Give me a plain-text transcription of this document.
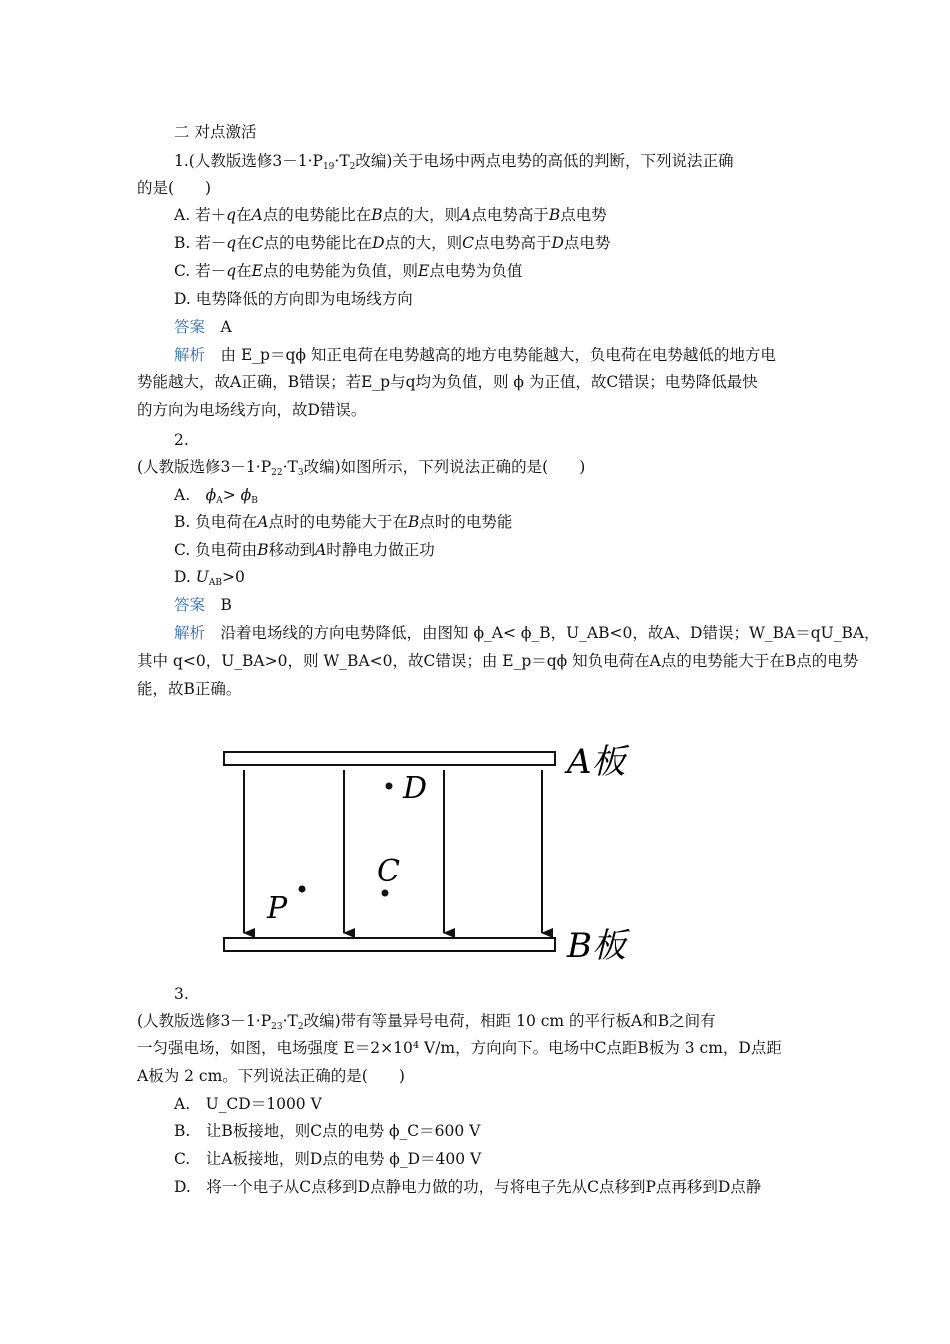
二 对点激活
1.(人教版选修$3-1\cdot P_{19}\cdot T_2$改编)关于电场中两点电势的高低的判断，下列说法正确
的是(　　)
A. 若＋q在A点的电势能比在B点的大，则A点电势高于B点电势
B. 若－q在C点的电势能比在D点的大，则C点电势高于D点电势
C. 若－q在E点的电势能为负值，则E点电势为负值
D. 电势降低的方向即为电场线方向
答案　 A
解析　 由 E_p＝qϕ 知正电荷在电势越高的地方电势能越大，负电荷在电势越低的地方电
势能越大，故A正确，B错误；若E_p与q均为负值，则 ϕ 为正值，故C错误；电势降低最快
的方向为电场线方向，故D错误。
2.
(人教版选修$3-1\cdot P_{22}\cdot T_3$改编)如图所示，下列说法正确的是(　　)
A.　 $\phi_A> \phi_B$
B. 负电荷在A点时的电势能大于在B点时的电势能
C. 负电荷由B移动到A时静电力做正功
D. $U_{AB}>0$
答案　 B
解析　 沿着电场线的方向电势降低，由图知 ϕ_A< ϕ_B，U_AB<0，故A、D错误；W_BA＝qU_BA，
其中 q<0，U_BA>0，则 W_BA<0，故C错误；由 E_p＝qϕ 知负电荷在A点的电势能大于在B点的电势
能，故B正确。
D
C
P
A板
B板
3.
(人教版选修$3-1\cdot P_{23}\cdot T_2$改编)带有等量异号电荷，相距 10 cm 的平行板A和B之间有
一匀强电场，如图，电场强度 E＝2×10⁴ V/m，方向向下。电场中C点距B板为 3 cm，D点距
A板为 2 cm。下列说法正确的是(　　)
A.　U_CD＝1000 V
B.　让B板接地，则C点的电势 ϕ_C＝600 V
C.　让A板接地，则D点的电势 ϕ_D＝400 V
D.　将一个电子从C点移到D点静电力做的功，与将电子先从C点移到P点再移到D点静
